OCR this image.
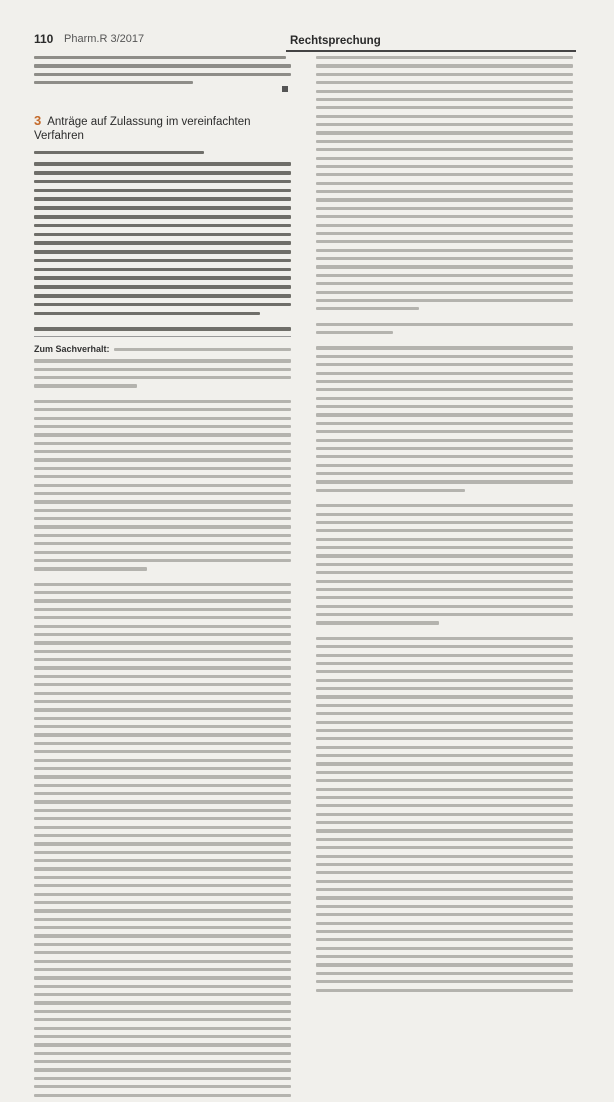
110 Pharm.R 3/2017	Rechtsprechung
3 Anträge auf Zulassung im vereinfachten Verfahren
Zum Sachverhalt:
